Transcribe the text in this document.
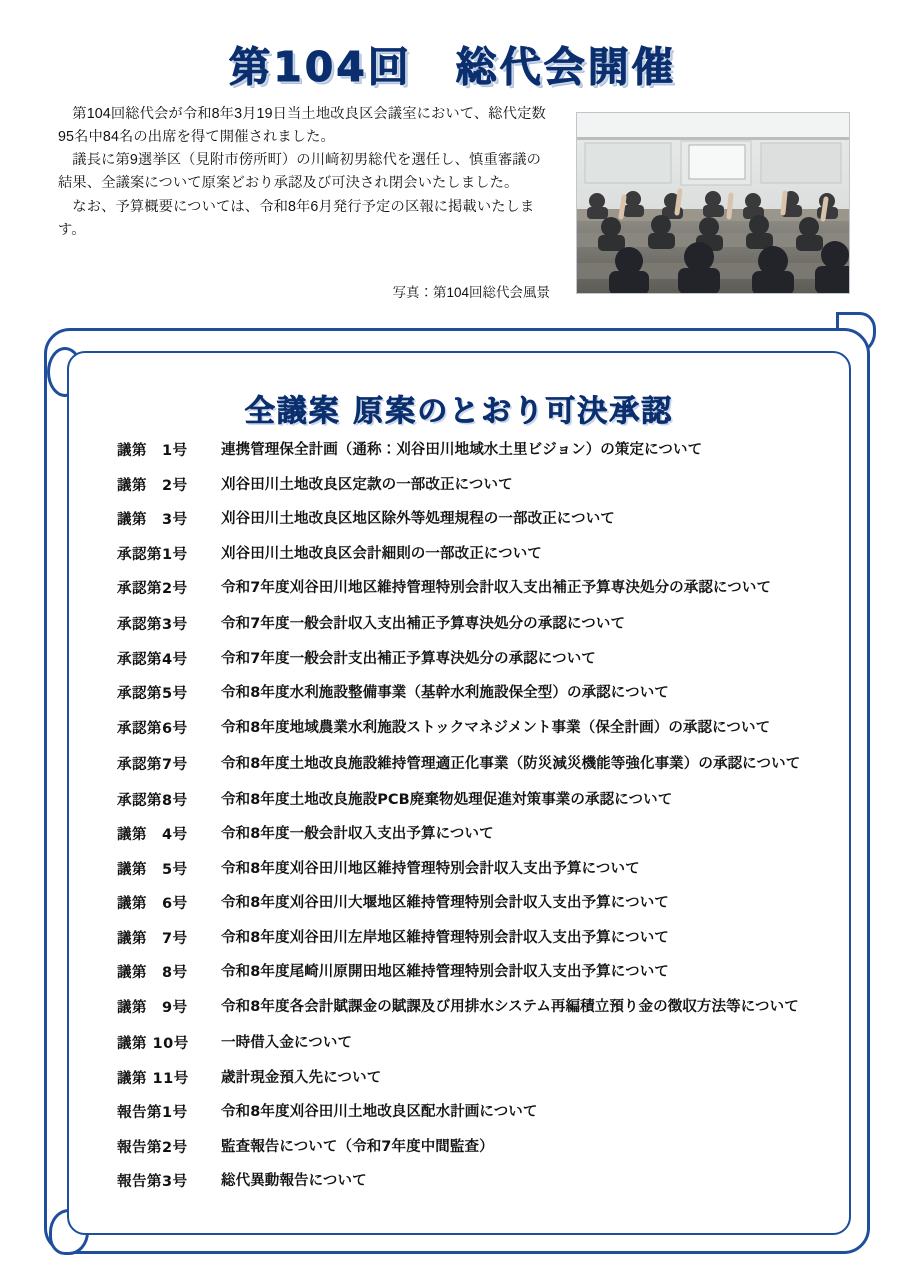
第104回　総代会開催

第104回総代会が令和8年3月19日当土地改良区会議室において、総代定数95名中84名の出席を得て開催されました。

議長に第9選挙区（見附市傍所町）の川﨑初男総代を選任し、慎重審議の結果、全議案について原案どおり承認及び可決され閉会いたしました。

なお、予算概要については、令和8年6月発行予定の区報に掲載いたします。

写真：第104回総代会風景
全議案 原案のとおり可決承認
議第　1号	連携管理保全計画（通称：刈谷田川地域水土里ビジョン）の策定について
議第　2号	刈谷田川土地改良区定款の一部改正について
議第　3号	刈谷田川土地改良区地区除外等処理規程の一部改正について
承認第1号	刈谷田川土地改良区会計細則の一部改正について
承認第2号	令和7年度刈谷田川地区維持管理特別会計収入支出補正予算専決処分の承認について
承認第3号	令和7年度一般会計収入支出補正予算専決処分の承認について
承認第4号	令和7年度一般会計支出補正予算専決処分の承認について
承認第5号	令和8年度水利施設整備事業（基幹水利施設保全型）の承認について
承認第6号	令和8年度地域農業水利施設ストックマネジメント事業（保全計画）の承認について
承認第7号	令和8年度土地改良施設維持管理適正化事業（防災減災機能等強化事業）の承認について
承認第8号	令和8年度土地改良施設PCB廃棄物処理促進対策事業の承認について
議第　4号	令和8年度一般会計収入支出予算について
議第　5号	令和8年度刈谷田川地区維持管理特別会計収入支出予算について
議第　6号	令和8年度刈谷田川大堰地区維持管理特別会計収入支出予算について
議第　7号	令和8年度刈谷田川左岸地区維持管理特別会計収入支出予算について
議第　8号	令和8年度尾崎川原開田地区維持管理特別会計収入支出予算について
議第　9号	令和8年度各会計賦課金の賦課及び用排水システム再編積立預り金の徴収方法等について
議第 10号	一時借入金について
議第 11号	歳計現金預入先について
報告第1号	令和8年度刈谷田川土地改良区配水計画について
報告第2号	監査報告について（令和7年度中間監査）
報告第3号	総代異動報告について
